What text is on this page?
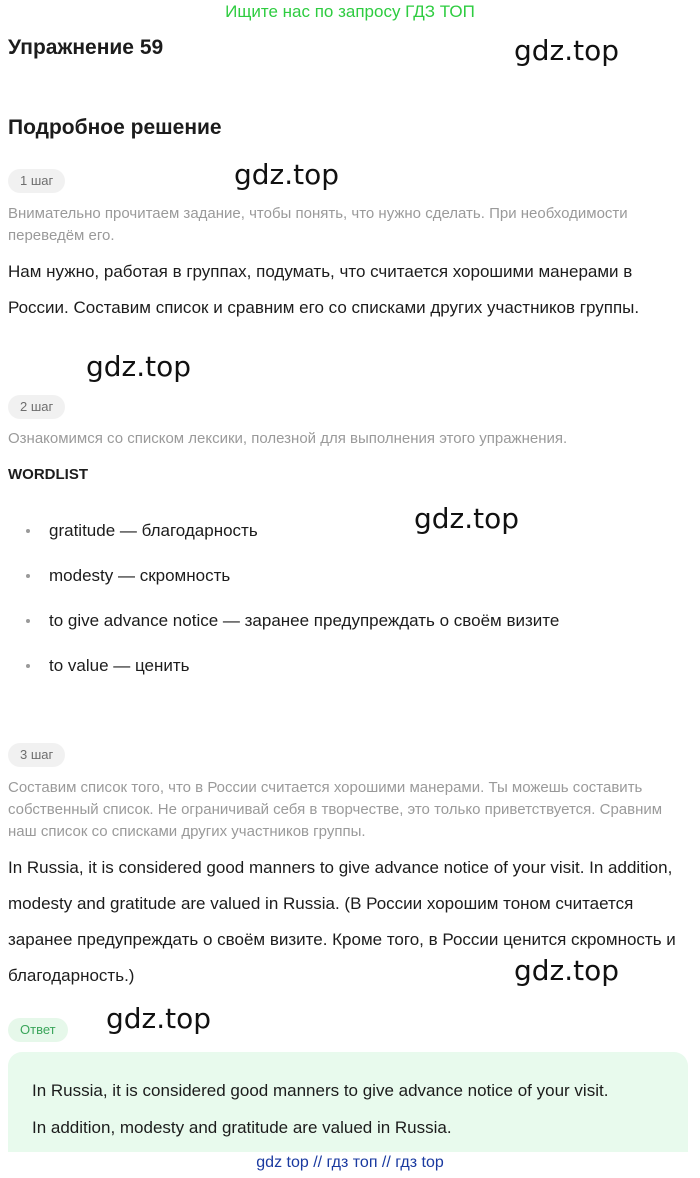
Ищите нас по запросу ГДЗ ТОП
Упражнение 59	gdz.top
Подробное решение
1 шаг	gdz.top
Внимательно прочитаем задание, чтобы понять, что нужно сделать. При необходимости переведём его.
Нам нужно, работая в группах, подумать, что считается хорошими манерами в России. Составим список и сравним его со списками других участников группы.
gdz.top
2 шаг
Ознакомимся со списком лексики, полезной для выполнения этого упражнения.
WORDLIST
gdz.top
gratitude — благодарность
modesty — скромность
to give advance notice — заранее предупреждать о своём визите
to value — ценить
3 шаг
Составим список того, что в России считается хорошими манерами. Ты можешь составить собственный список. Не ограничивай себя в творчестве, это только приветствуется. Сравним наш список со списками других участников группы.
In Russia, it is considered good manners to give advance notice of your visit. In addition, modesty and gratitude are valued in Russia. (В России хорошим тоном считается заранее предупреждать о своём визите. Кроме того, в России ценится скромность и благодарность.)	gdz.top
Ответ	gdz.top

In Russia, it is considered good manners to give advance notice of your visit.

In addition, modesty and gratitude are valued in Russia.

gdz top // гдз топ // гдз top
